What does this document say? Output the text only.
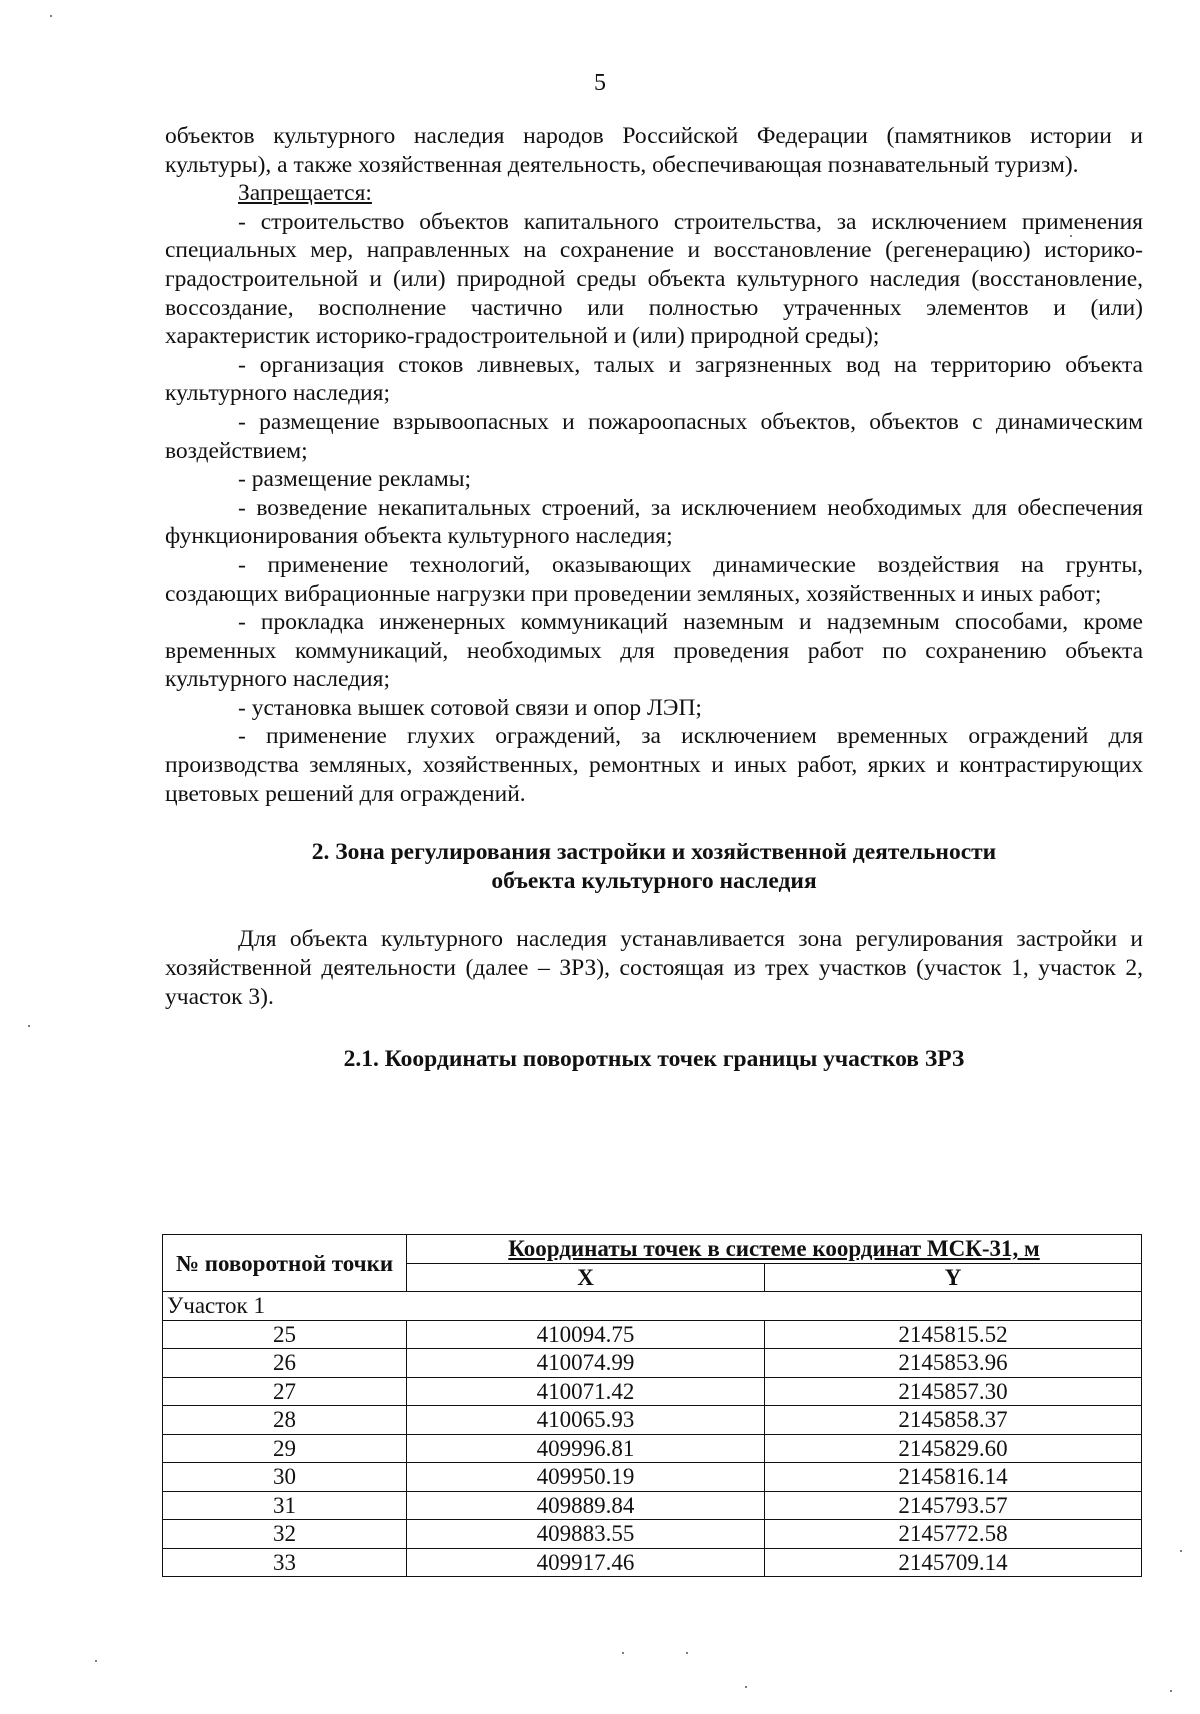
5

объектов культурного наследия народов Российской Федерации (памятников истории и культуры), а также хозяйственная деятельность, обеспечивающая познавательный туризм).

Запрещается:

- строительство объектов капитального строительства, за исключением применения специальных мер, направленных на сохранение и восстановление (регенерацию) историко-градостроительной и (или) природной среды объекта культурного наследия (восстановление, воссоздание, восполнение частично или полностью утраченных элементов и (или) характеристик историко-градостроительной и (или) природной среды);

- организация стоков ливневых, талых и загрязненных вод на территорию объекта культурного наследия;

- размещение взрывоопасных и пожароопасных объектов, объектов с динамическим воздействием;

- размещение рекламы;

- возведение некапитальных строений, за исключением необходимых для обеспечения функционирования объекта культурного наследия;

- применение технологий, оказывающих динамические воздействия на грунты, создающих вибрационные нагрузки при проведении земляных, хозяйственных и иных работ;

- прокладка инженерных коммуникаций наземным и надземным способами, кроме временных коммуникаций, необходимых для проведения работ по сохранению объекта культурного наследия;

- установка вышек сотовой связи и опор ЛЭП;

- применение глухих ограждений, за исключением временных ограждений для производства земляных, хозяйственных, ремонтных и иных работ, ярких и контрастирующих цветовых решений для ограждений.

2. Зона регулирования застройки и хозяйственной деятельности
объекта культурного наследия

Для объекта культурного наследия устанавливается зона регулирования застройки и хозяйственной деятельности (далее – ЗРЗ), состоящая из трех участков (участок 1, участок 2, участок 3).

2.1. Координаты поворотных точек границы участков ЗРЗ

№ поворотной точки	Координаты точек в системе координат МСК-31, м	
	X	Y
Участок 1		
25	410094.75	2145815.52
26	410074.99	2145853.96
27	410071.42	2145857.30
28	410065.93	2145858.37
29	409996.81	2145829.60
30	409950.19	2145816.14
31	409889.84	2145793.57
32	409883.55	2145772.58
33	409917.46	2145709.14
